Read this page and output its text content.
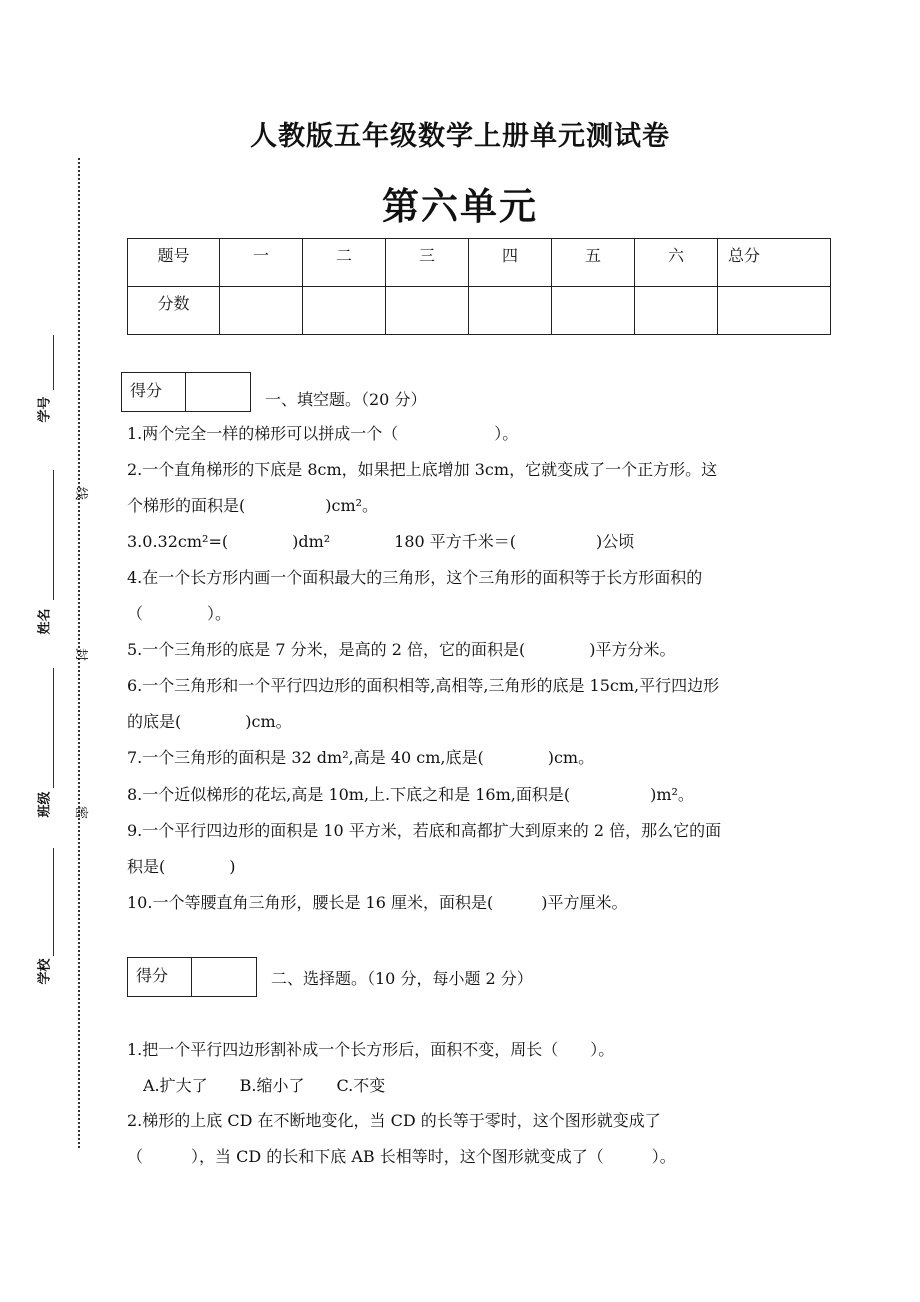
学号
姓名
班级
学校
线
封
密
人教版五年级数学上册单元测试卷
第六单元
题号	一	二	三	四	五	六	总分
分数							
得分	一、填空题。（20 分）
1.两个完全一样的梯形可以拼成一个（　　　　　　）。
2.一个直角梯形的下底是 8cm，如果把上底增加 3cm，它就变成了一个正方形。这
个梯形的面积是(　　　　　)cm²。
3.0.32cm²=(　　　　)dm²　　　　180 平方千米＝(　　　　　)公顷
4.在一个长方形内画一个面积最大的三角形，这个三角形的面积等于长方形面积的
（　　　　）。
5.一个三角形的底是 7 分米，是高的 2 倍，它的面积是(　　　　)平方分米。
6.一个三角形和一个平行四边形的面积相等,高相等,三角形的底是 15cm,平行四边形
的底是(　　　　)cm。
7.一个三角形的面积是 32 dm²,高是 40 cm,底是(　　　　)cm。
8.一个近似梯形的花坛,高是 10m,上.下底之和是 16m,面积是(　　　　　)m²。
9.一个平行四边形的面积是 10 平方米，若底和高都扩大到原来的 2 倍，那么它的面
积是(　　　　)
10.一个等腰直角三角形，腰长是 16 厘米，面积是(　　　)平方厘米。
得分	二、选择题。（10 分，每小题 2 分）
1.把一个平行四边形割补成一个长方形后，面积不变，周长（　　）。
　A.扩大了　　B.缩小了　　C.不变
2.梯形的上底 CD 在不断地变化，当 CD 的长等于零时，这个图形就变成了
（　　　），当 CD 的长和下底 AB 长相等时，这个图形就变成了（　　　）。
